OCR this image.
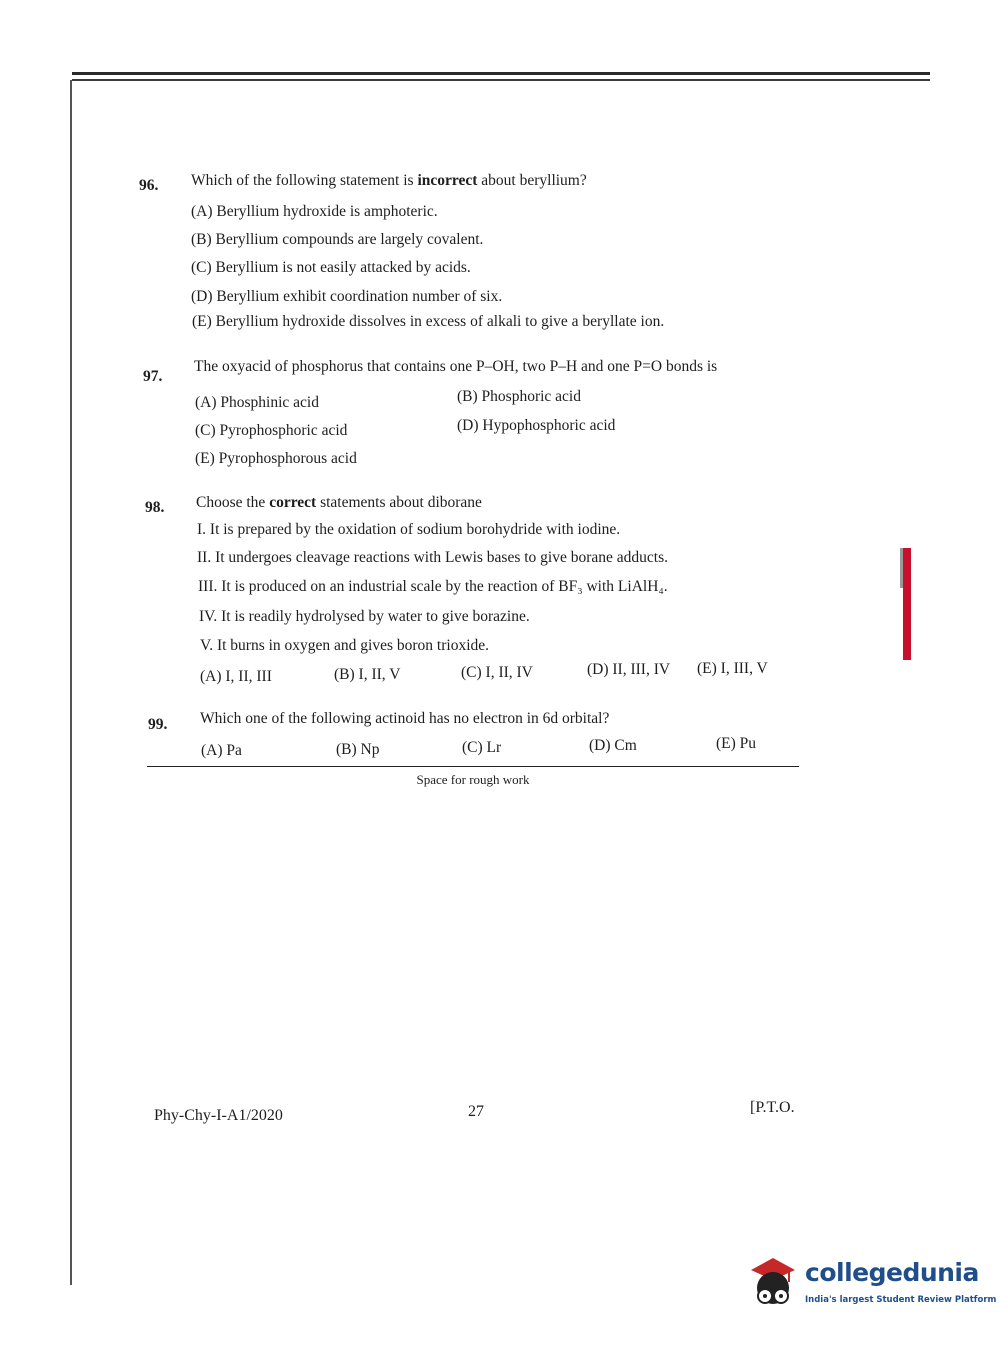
96. Which of the following statement is incorrect about beryllium?
(A) Beryllium hydroxide is amphoteric.
(B) Beryllium compounds are largely covalent.
(C) Beryllium is not easily attacked by acids.
(D) Beryllium exhibit coordination number of six.
(E) Beryllium hydroxide dissolves in excess of alkali to give a beryllate ion.
97.
The oxyacid of phosphorus that contains one P–OH, two P–H and one P=O bonds is
(A) Phosphinic acid	(B) Phosphoric acid
(C) Pyrophosphoric acid	(D) Hypophosphoric acid
(E) Pyrophosphorous acid
98. Choose the correct statements about diborane
I. It is prepared by the oxidation of sodium borohydride with iodine.
II. It undergoes cleavage reactions with Lewis bases to give borane adducts.
III. It is produced on an industrial scale by the reaction of BF₃ with LiAlH₄.
IV. It is readily hydrolysed by water to give borazine.
V. It burns in oxygen and gives boron trioxide.
(A) I, II, III	(B) I, II, V	(C) I, II, IV	(D) II, III, IV (E) I, III, V
99. Which one of the following actinoid has no electron in 6d orbital?
(A) Pa	(B) Np	(C) Lr	(D) Cm	(E) Pu
Space for rough work
Phy-Chy-I-A1/2020	27	[P.T.O.
collegedunia
India's largest Student Review Platform
